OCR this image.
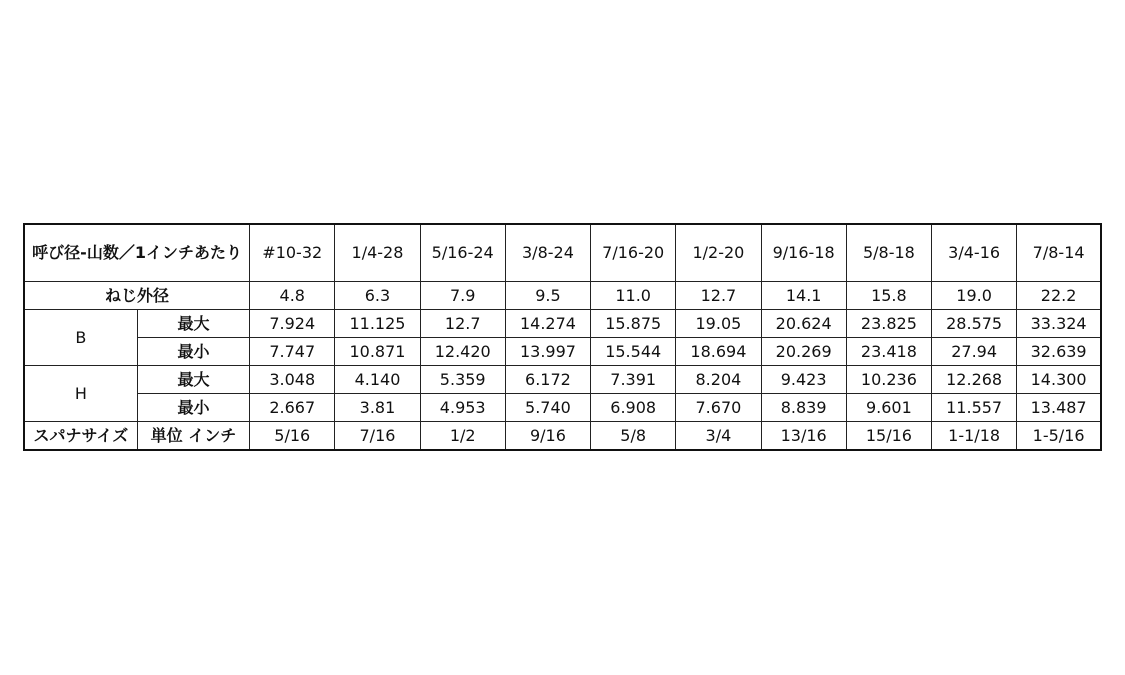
呼び径-山数／1インチあたり		#10-32	1/4-28	5/16-24	3/8-24	7/16-20	1/2-20	9/16-18	5/8-18	3/4-16	7/8-14
ねじ外径		4.8	6.3	7.9	9.5	11.0	12.7	14.1	15.8	19.0	22.2
B	最大	7.924	11.125	12.7	14.274	15.875	19.05	20.624	23.825	28.575	33.324
	最小	7.747	10.871	12.420	13.997	15.544	18.694	20.269	23.418	27.94	32.639
H	最大	3.048	4.140	5.359	6.172	7.391	8.204	9.423	10.236	12.268	14.300
	最小	2.667	3.81	4.953	5.740	6.908	7.670	8.839	9.601	11.557	13.487
スパナサイズ	単位 インチ	5/16	7/16	1/2	9/16	5/8	3/4	13/16	15/16	1-1/18	1-5/16
